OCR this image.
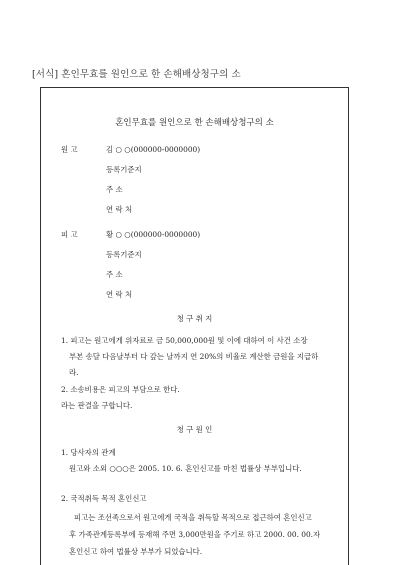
[서식] 혼인무효를 원인으로 한 손해배상청구의 소
혼인무효를 원인으로 한 손해배상청구의 소
원 고	김 ○ ○(000000-0000000)
등록기준지
주 소
연 락 처
피 고	황 ○ ○(000000-0000000)
등록기준지
주 소
연 락 처
청 구 취 지
1. 피고는 원고에게 위자료로 금 50,000,000원 및 이에 대하여 이 사건 소장
부본 송달 다음날부터 다 갚는 날까지 연 20%의 비율로 계산한 금원을 지급하
라.
2. 소송비용은 피고의 부담으로 한다.
라는 판결을 구합니다.
청 구 원 인
1. 당사자의 관계
원고와 소외 ○○○은 2005. 10. 6. 혼인신고를 마친 법률상 부부입니다.
2. 국적취득 목적 혼인신고
피고는 조선족으로서 원고에게 국적을 취득할 목적으로 접근하여 혼인신고
후 가족관계등록부에 등재해 주면 3,000만원을 주기로 하고 2000. 00. 00.자
혼인신고 하여 법률상 부부가 되었습니다.
